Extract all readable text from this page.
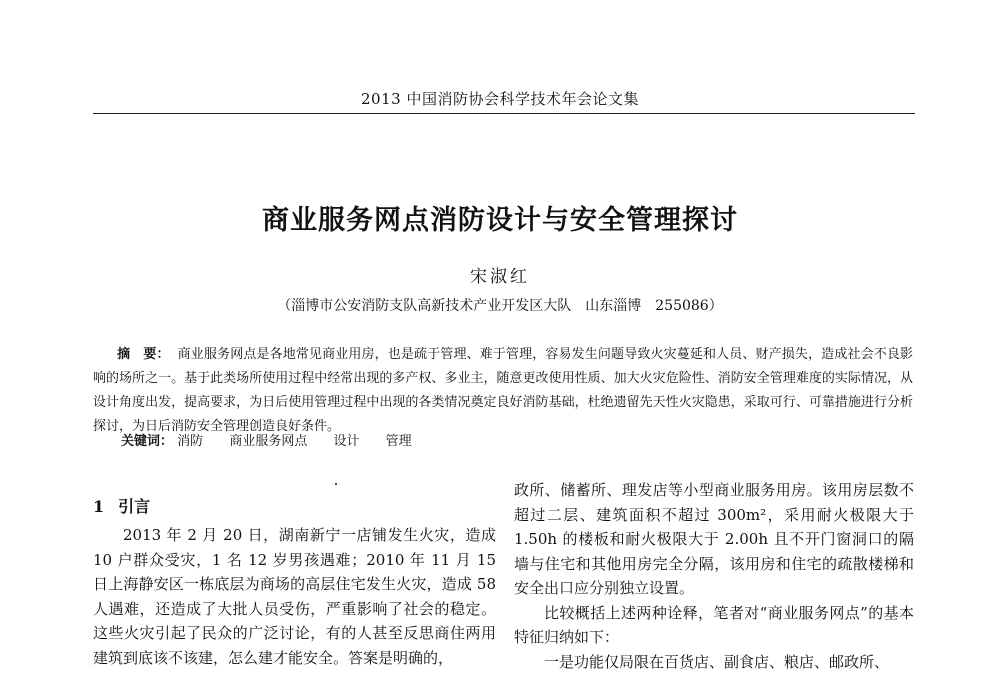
2013 中国消防协会科学技术年会论文集
商业服务网点消防设计与安全管理探讨
宋淑红
（淄博市公安消防支队高新技术产业开发区大队　山东淄博　255086）
摘　要： 商业服务网点是各地常见商业用房，也是疏于管理、难于管理，容易发生问题导致火灾蔓延和人员、财产损失，造成社会不良影响的场所之一。基于此类场所使用过程中经常出现的多产权、多业主，随意更改使用性质、加大火灾危险性、消防安全管理难度的实际情况，从设计角度出发，提高要求，为日后使用管理过程中出现的各类情况奠定良好消防基础，杜绝遗留先天性火灾隐患，采取可行、可靠措施进行分析探讨，为日后消防安全管理创造良好条件。
关键词： 消防 商业服务网点 设计 管理
1 引言

2013 年 2 月 20 日，湖南新宁一店铺发生火灾，造成 10 户群众受灾，1 名 12 岁男孩遇难；2010 年 11 月 15 日上海静安区一栋底层为商场的高层住宅发生火灾，造成 58 人遇难，还造成了大批人员受伤，严重影响了社会的稳定。这些火灾引起了民众的广泛讨论，有的人甚至反思商住两用建筑到底该不该建，怎么建才能安全。答案是明确的，

政所、储蓄所、理发店等小型商业服务用房。该用房层数不超过二层、建筑面积不超过 300m²，采用耐火极限大于 1.50h 的楼板和耐火极限大于 2.00h 且不开门窗洞口的隔墙与住宅和其他用房完全分隔，该用房和住宅的疏散楼梯和安全出口应分别独立设置。

比较概括上述两种诠释，笔者对“商业服务网点”的基本特征归纳如下：

一是功能仅局限在百货店、副食店、粮店、邮政所、
